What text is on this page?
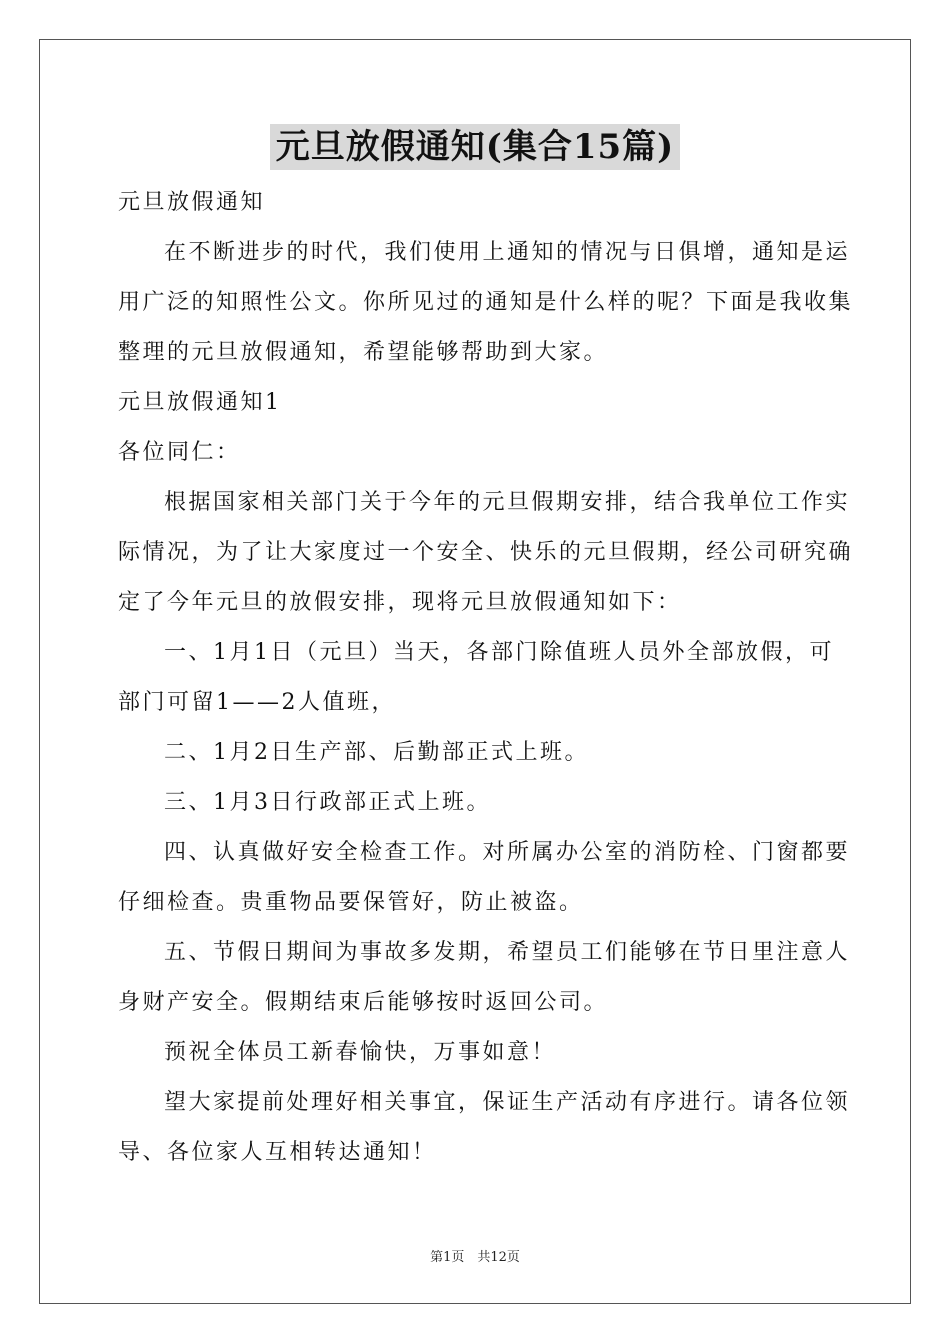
元旦放假通知(集合15篇)
元旦放假通知
在不断进步的时代，我们使用上通知的情况与日俱增，通知是运
用广泛的知照性公文。你所见过的通知是什么样的呢？下面是我收集
整理的元旦放假通知，希望能够帮助到大家。
元旦放假通知1
各位同仁：
根据国家相关部门关于今年的元旦假期安排，结合我单位工作实
际情况，为了让大家度过一个安全、快乐的元旦假期，经公司研究确
定了今年元旦的放假安排，现将元旦放假通知如下：
一、1月1日（元旦）当天，各部门除值班人员外全部放假，可
部门可留1——2人值班，
二、1月2日生产部、后勤部正式上班。
三、1月3日行政部正式上班。
四、认真做好安全检查工作。对所属办公室的消防栓、门窗都要
仔细检查。贵重物品要保管好，防止被盗。
五、节假日期间为事故多发期，希望员工们能够在节日里注意人
身财产安全。假期结束后能够按时返回公司。
预祝全体员工新春愉快，万事如意！
望大家提前处理好相关事宜，保证生产活动有序进行。请各位领
导、各位家人互相转达通知！
第1页　共12页
